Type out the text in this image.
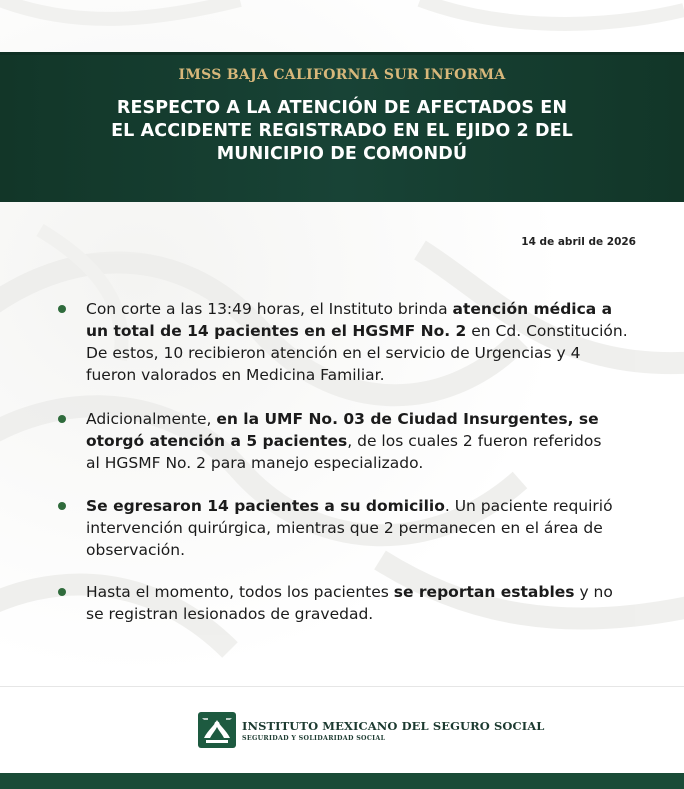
IMSS BAJA CALIFORNIA SUR INFORMA
RESPECTO A LA ATENCIÓN DE AFECTADOS EN
EL ACCIDENTE REGISTRADO EN EL EJIDO 2 DEL
MUNICIPIO DE COMONDÚ
14 de abril de 2026
Con corte a las 13:49 horas, el Instituto brinda atención médica a
un total de 14 pacientes en el HGSMF No. 2 en Cd. Constitución.
De estos, 10 recibieron atención en el servicio de Urgencias y 4
fueron valorados en Medicina Familiar.
Adicionalmente, en la UMF No. 03 de Ciudad Insurgentes, se
otorgó atención a 5 pacientes, de los cuales 2 fueron referidos
al HGSMF No. 2 para manejo especializado.
Se egresaron 14 pacientes a su domicilio. Un paciente requirió
intervención quirúrgica, mientras que 2 permanecen en el área de
observación.
Hasta el momento, todos los pacientes se reportan estables y no
se registran lesionados de gravedad.
INSTITUTO MEXICANO DEL SEGURO SOCIAL
SEGURIDAD Y SOLIDARIDAD SOCIAL
